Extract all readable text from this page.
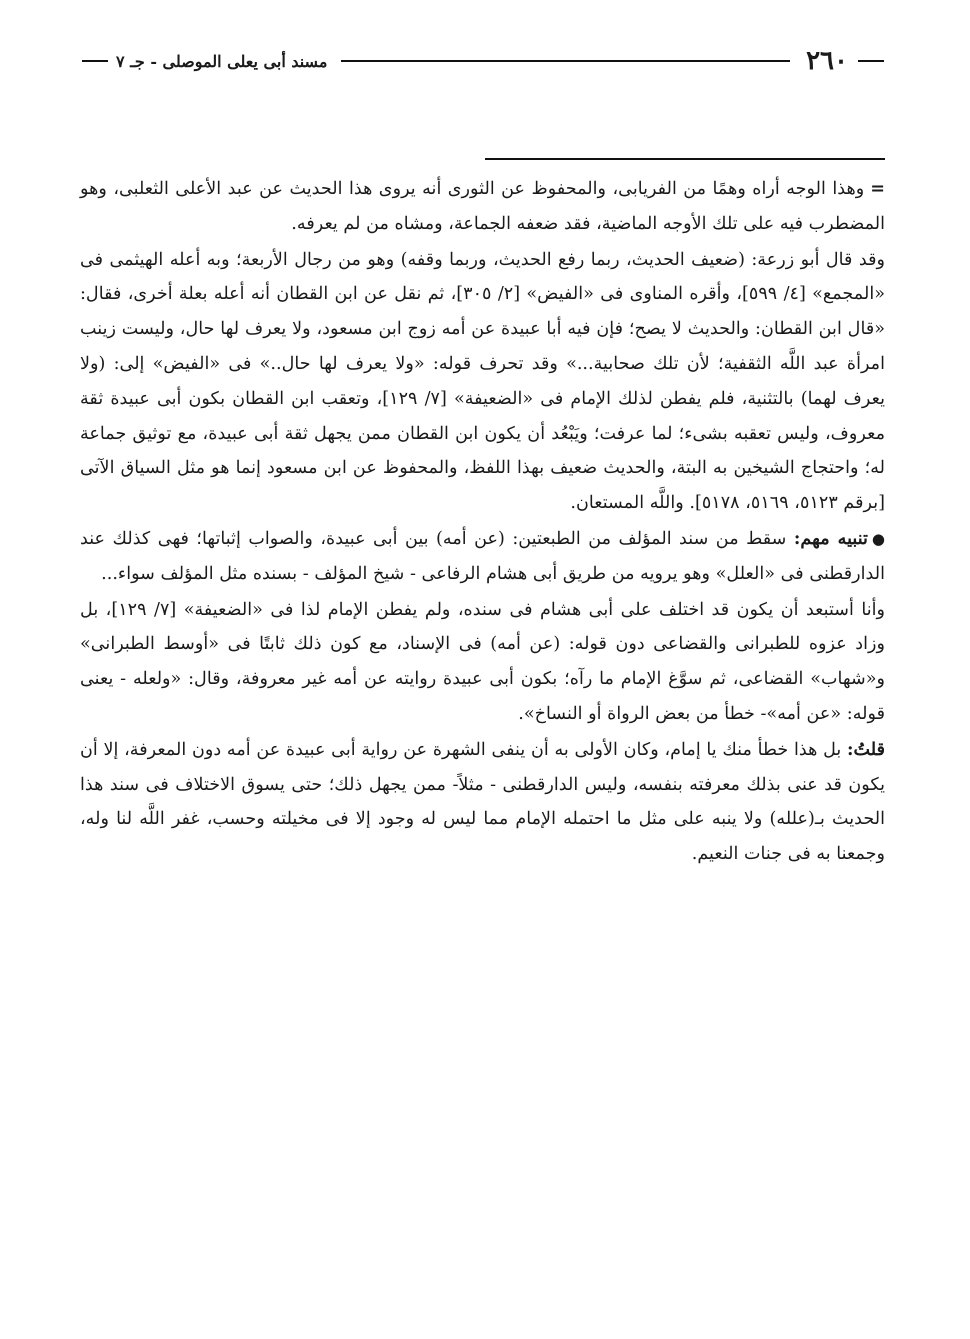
٢٦٠
مسند أبى يعلى الموصلى - جـ ٧

=وهذا الوجه أراه وهمًا من الفريابى، والمحفوظ عن الثورى أنه يروى هذا الحديث عن عبد الأعلى الثعلبى، وهو المضطرب فيه على تلك الأوجه الماضية، فقد ضعفه الجماعة، ومشاه من لم يعرفه.

وقد قال أبو زرعة: (ضعيف الحديث، ربما رفع الحديث، وربما وقفه) وهو من رجال الأربعة؛ وبه أعله الهيثمى فى «المجمع» [٤/ ٥٩٩]، وأقره المناوى فى «الفيض» [٢/ ٣٠٥]، ثم نقل عن ابن القطان أنه أعله بعلة أخرى، فقال: «قال ابن القطان: والحديث لا يصح؛ فإن فيه أبا عبيدة عن أمه زوج ابن مسعود، ولا يعرف لها حال، وليست زينب امرأة عبد اللَّه الثقفية؛ لأن تلك صحابية...» وقد تحرف قوله: «ولا يعرف لها حال..» فى «الفيض» إلى: (ولا يعرف لهما) بالتثنية، فلم يفطن لذلك الإمام فى «الضعيفة» [٧/ ١٢٩]، وتعقب ابن القطان بكون أبى عبيدة ثقة معروف، وليس تعقبه بشىء؛ لما عرفت؛ ويَبْعُد أن يكون ابن القطان ممن يجهل ثقة أبى عبيدة، مع توثيق جماعة له؛ واحتجاج الشيخين به البتة، والحديث ضعيف بهذا اللفظ، والمحفوظ عن ابن مسعود إنما هو مثل السياق الآتى [برقم ٥١٢٣، ٥١٦٩، ٥١٧٨]. واللَّه المستعان.

●تنبيه مهم: سقط من سند المؤلف من الطبعتين: (عن أمه) بين أبى عبيدة، والصواب إثباتها؛ فهى كذلك عند الدارقطنى فى «العلل» وهو يرويه من طريق أبى هشام الرفاعى - شيخ المؤلف - بسنده مثل المؤلف سواء...

وأنا أستبعد أن يكون قد اختلف على أبى هشام فى سنده، ولم يفطن الإمام لذا فى «الضعيفة» [٧/ ١٢٩]، بل وزاد عزوه للطبرانى والقضاعى دون قوله: (عن أمه) فى الإسناد، مع كون ذلك ثابتًا فى «أوسط الطبرانى» و«شهاب» القضاعى، ثم سوَّغ الإمام ما رآه؛ بكون أبى عبيدة روايته عن أمه غير معروفة، وقال: «ولعله - يعنى قوله: «عن أمه»- خطأ من بعض الرواة أو النساخ».

قلتُ: بل هذا خطأ منك يا إمام، وكان الأولى به أن ينفى الشهرة عن رواية أبى عبيدة عن أمه دون المعرفة، إلا أن يكون قد عنى بذلك معرفته بنفسه، وليس الدارقطنى - مثلاً- ممن يجهل ذلك؛ حتى يسوق الاختلاف فى سند هذا الحديث بـ(علله) ولا ينبه على مثل ما احتمله الإمام مما ليس له وجود إلا فى مخيلته وحسب، غفر اللَّه لنا وله، وجمعنا به فى جنات النعيم.
